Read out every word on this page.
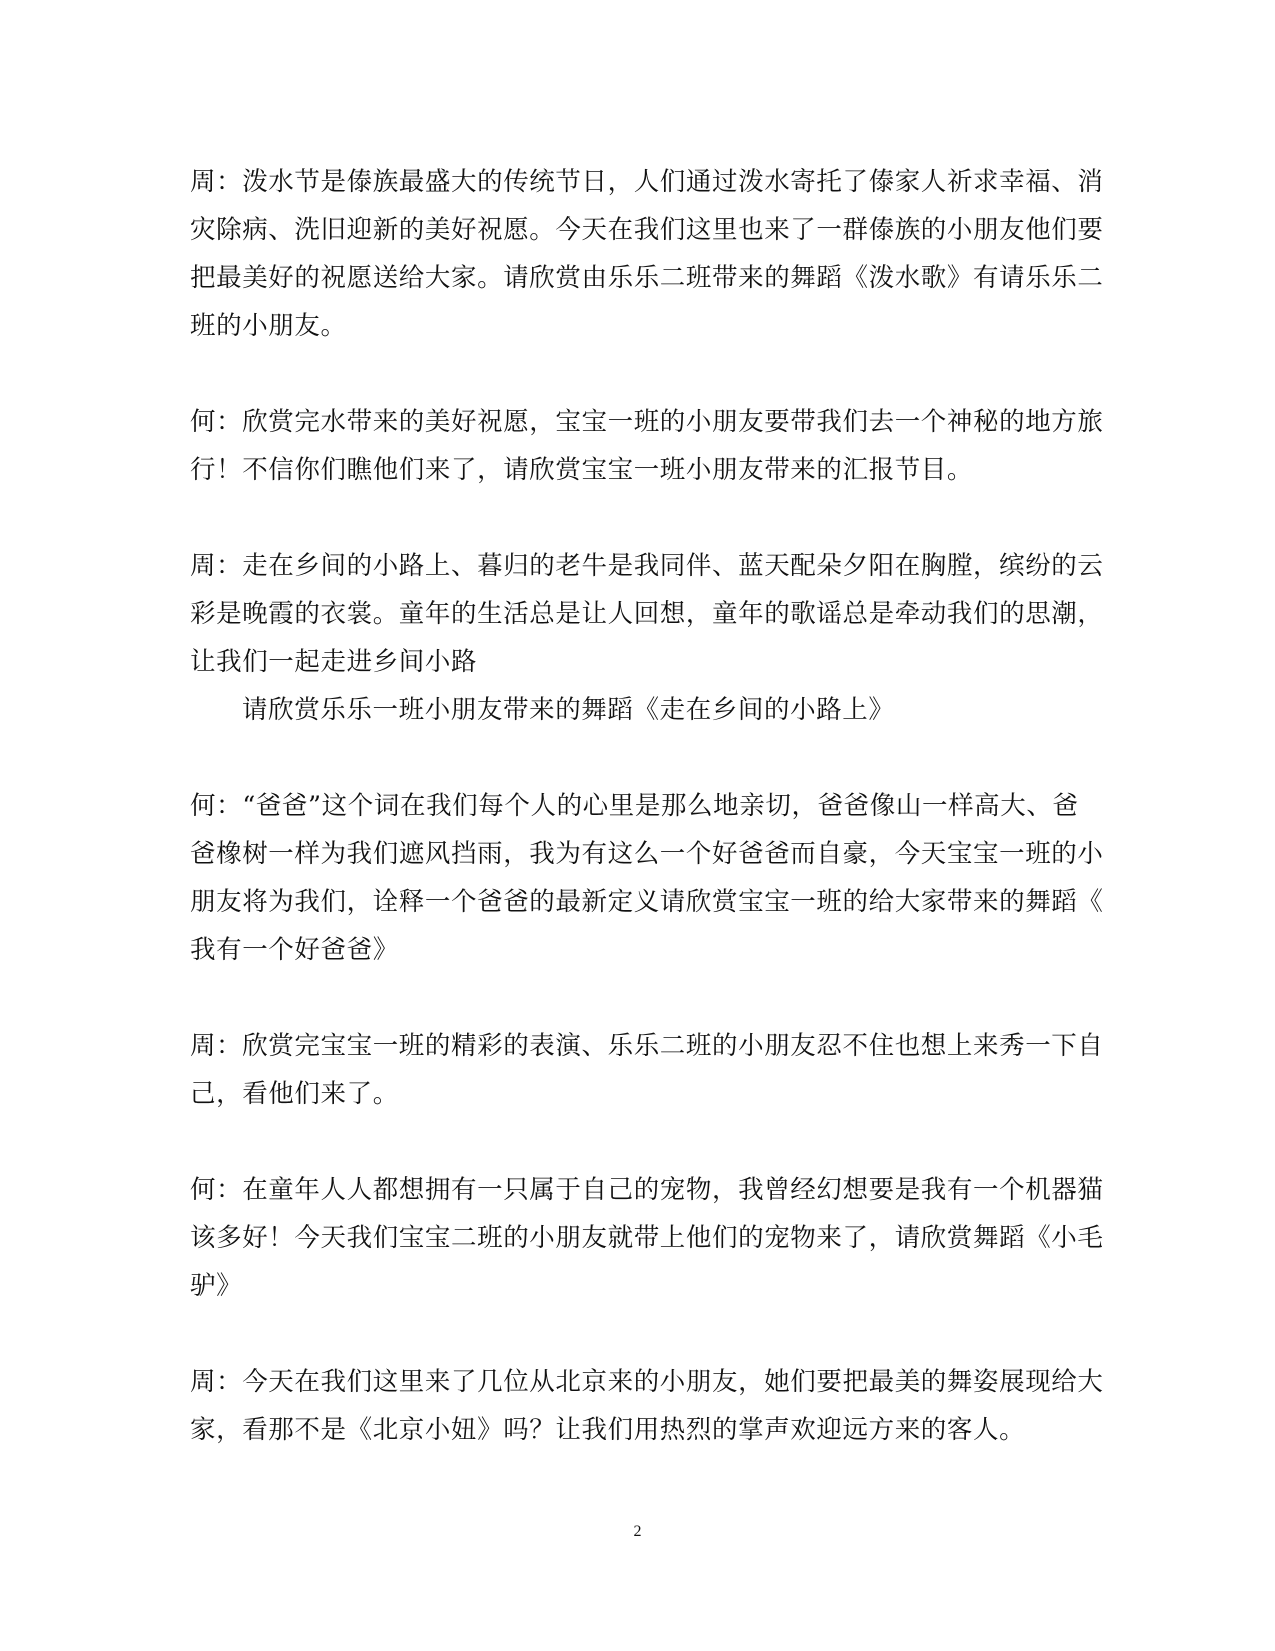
周：泼水节是傣族最盛大的传统节日，人们通过泼水寄托了傣家人祈求幸福、消
灾除病、洗旧迎新的美好祝愿。今天在我们这里也来了一群傣族的小朋友他们要
把最美好的祝愿送给大家。请欣赏由乐乐二班带来的舞蹈《泼水歌》有请乐乐二
班的小朋友。
何：欣赏完水带来的美好祝愿，宝宝一班的小朋友要带我们去一个神秘的地方旅
行！不信你们瞧他们来了，请欣赏宝宝一班小朋友带来的汇报节目。
周：走在乡间的小路上、暮归的老牛是我同伴、蓝天配朵夕阳在胸膛，缤纷的云
彩是晚霞的衣裳。童年的生活总是让人回想，童年的歌谣总是牵动我们的思潮，
让我们一起走进乡间小路
请欣赏乐乐一班小朋友带来的舞蹈《走在乡间的小路上》
何：“爸爸”这个词在我们每个人的心里是那么地亲切，爸爸像山一样高大、爸
爸橡树一样为我们遮风挡雨，我为有这么一个好爸爸而自豪，今天宝宝一班的小
朋友将为我们，诠释一个爸爸的最新定义请欣赏宝宝一班的给大家带来的舞蹈《
我有一个好爸爸》
周：欣赏完宝宝一班的精彩的表演、乐乐二班的小朋友忍不住也想上来秀一下自
己，看他们来了。
何：在童年人人都想拥有一只属于自己的宠物，我曾经幻想要是我有一个机器猫
该多好！今天我们宝宝二班的小朋友就带上他们的宠物来了，请欣赏舞蹈《小毛
驴》
周：今天在我们这里来了几位从北京来的小朋友，她们要把最美的舞姿展现给大
家，看那不是《北京小妞》吗？让我们用热烈的掌声欢迎远方来的客人。
2
